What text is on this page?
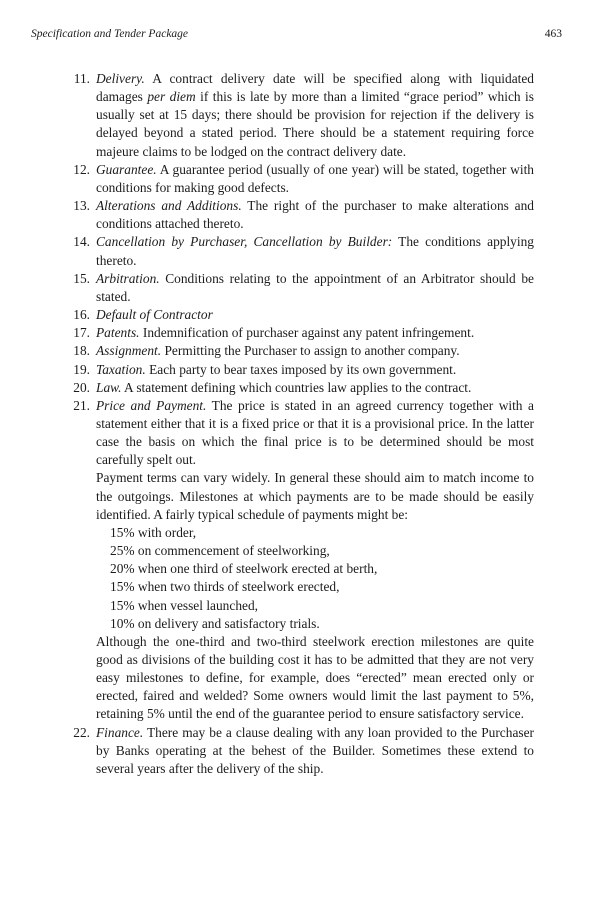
Specification and Tender Package	463
11. Delivery. A contract delivery date will be specified along with liquidated damages per diem if this is late by more than a limited “grace period” which is usually set at 15 days; there should be provision for rejection if the delivery is delayed beyond a stated period. There should be a statement requiring force majeure claims to be lodged on the contract delivery date.

12. Guarantee. A guarantee period (usually of one year) will be stated, together with conditions for making good defects.

13. Alterations and Additions. The right of the purchaser to make alterations and conditions attached thereto.

14. Cancellation by Purchaser, Cancellation by Builder: The conditions applying thereto.

15. Arbitration. Conditions relating to the appointment of an Arbitrator should be stated.

16. Default of Contractor

17. Patents. Indemnification of purchaser against any patent infringement.

18. Assignment. Permitting the Purchaser to assign to another company.

19. Taxation. Each party to bear taxes imposed by its own government.

20. Law. A statement defining which countries law applies to the contract.

21. Price and Payment. The price is stated in an agreed currency together with a statement either that it is a fixed price or that it is a provisional price. In the latter case the basis on which the final price is to be determined should be most carefully spelt out.

Payment terms can vary widely. In general these should aim to match income to the outgoings. Milestones at which payments are to be made should be easily identified. A fairly typical schedule of payments might be:

15% with order,
25% on commencement of steelworking,
20% when one third of steelwork erected at berth,
15% when two thirds of steelwork erected,
15% when vessel launched,
10% on delivery and satisfactory trials.

Although the one-third and two-third steelwork erection milestones are quite good as divisions of the building cost it has to be admitted that they are not very easy milestones to define, for example, does “erected” mean erected only or erected, faired and welded? Some owners would limit the last payment to 5%, retaining 5% until the end of the guarantee period to ensure satisfactory service.

22. Finance. There may be a clause dealing with any loan provided to the Purchaser by Banks operating at the behest of the Builder. Sometimes these extend to several years after the delivery of the ship.
